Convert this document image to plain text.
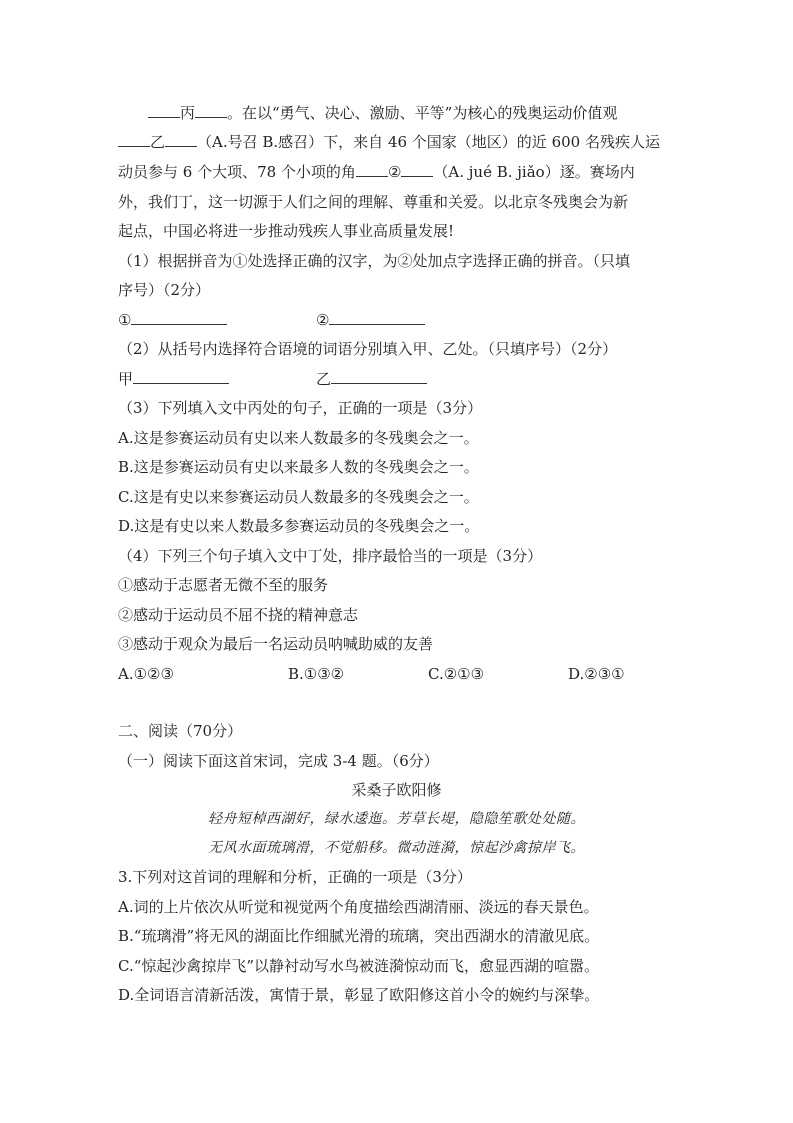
丙 。在以“勇气、决心、激励、平等”为核心的残奥运动价值观
乙 （A.号召 B.感召）下，来自 46 个国家（地区）的近 600 名残疾人运
动员参与 6 个大项、78 个小项的角 ② （A. jué B. jiǎo）逐。赛场内
外，我们丁，这一切源于人们之间的理解、尊重和关爱。以北京冬残奥会为新
起点，中国必将进一步推动残疾人事业高质量发展!
（1）根据拼音为①处选择正确的汉字，为②处加点字选择正确的拼音。（只填
序号）（2分）
①	②
（2）从括号内选择符合语境的词语分别填入甲、乙处。（只填序号）（2分）
甲	乙
（3）下列填入文中丙处的句子，正确的一项是（3分）
A.这是参赛运动员有史以来人数最多的冬残奥会之一。
B.这是参赛运动员有史以来最多人数的冬残奥会之一。
C.这是有史以来参赛运动员人数最多的冬残奥会之一。
D.这是有史以来人数最多参赛运动员的冬残奥会之一。
（4）下列三个句子填入文中丁处，排序最恰当的一项是（3分）
①感动于志愿者无微不至的服务
②感动于运动员不屈不挠的精神意志
③感动于观众为最后一名运动员呐喊助威的友善
A.①②③	B.①③②	C.②①③	D.②③①
二、阅读（70分）
（一）阅读下面这首宋词，完成 3-4 题。（6分）
采桑子欧阳修
轻舟短棹西湖好，绿水逶迤。芳草长堤，隐隐笙歌处处随。
无风水面琉璃滑，不觉船移。微动涟漪，惊起沙禽掠岸飞。
3.下列对这首词的理解和分析，正确的一项是（3分）
A.词的上片依次从听觉和视觉两个角度描绘西湖清丽、淡远的春天景色。
B.“琉璃滑”将无风的湖面比作细腻光滑的琉璃，突出西湖水的清澈见底。
C.“惊起沙禽掠岸飞”以静衬动写水鸟被涟漪惊动而飞，愈显西湖的喧嚣。
D.全词语言清新活泼，寓情于景，彰显了欧阳修这首小令的婉约与深挚。
